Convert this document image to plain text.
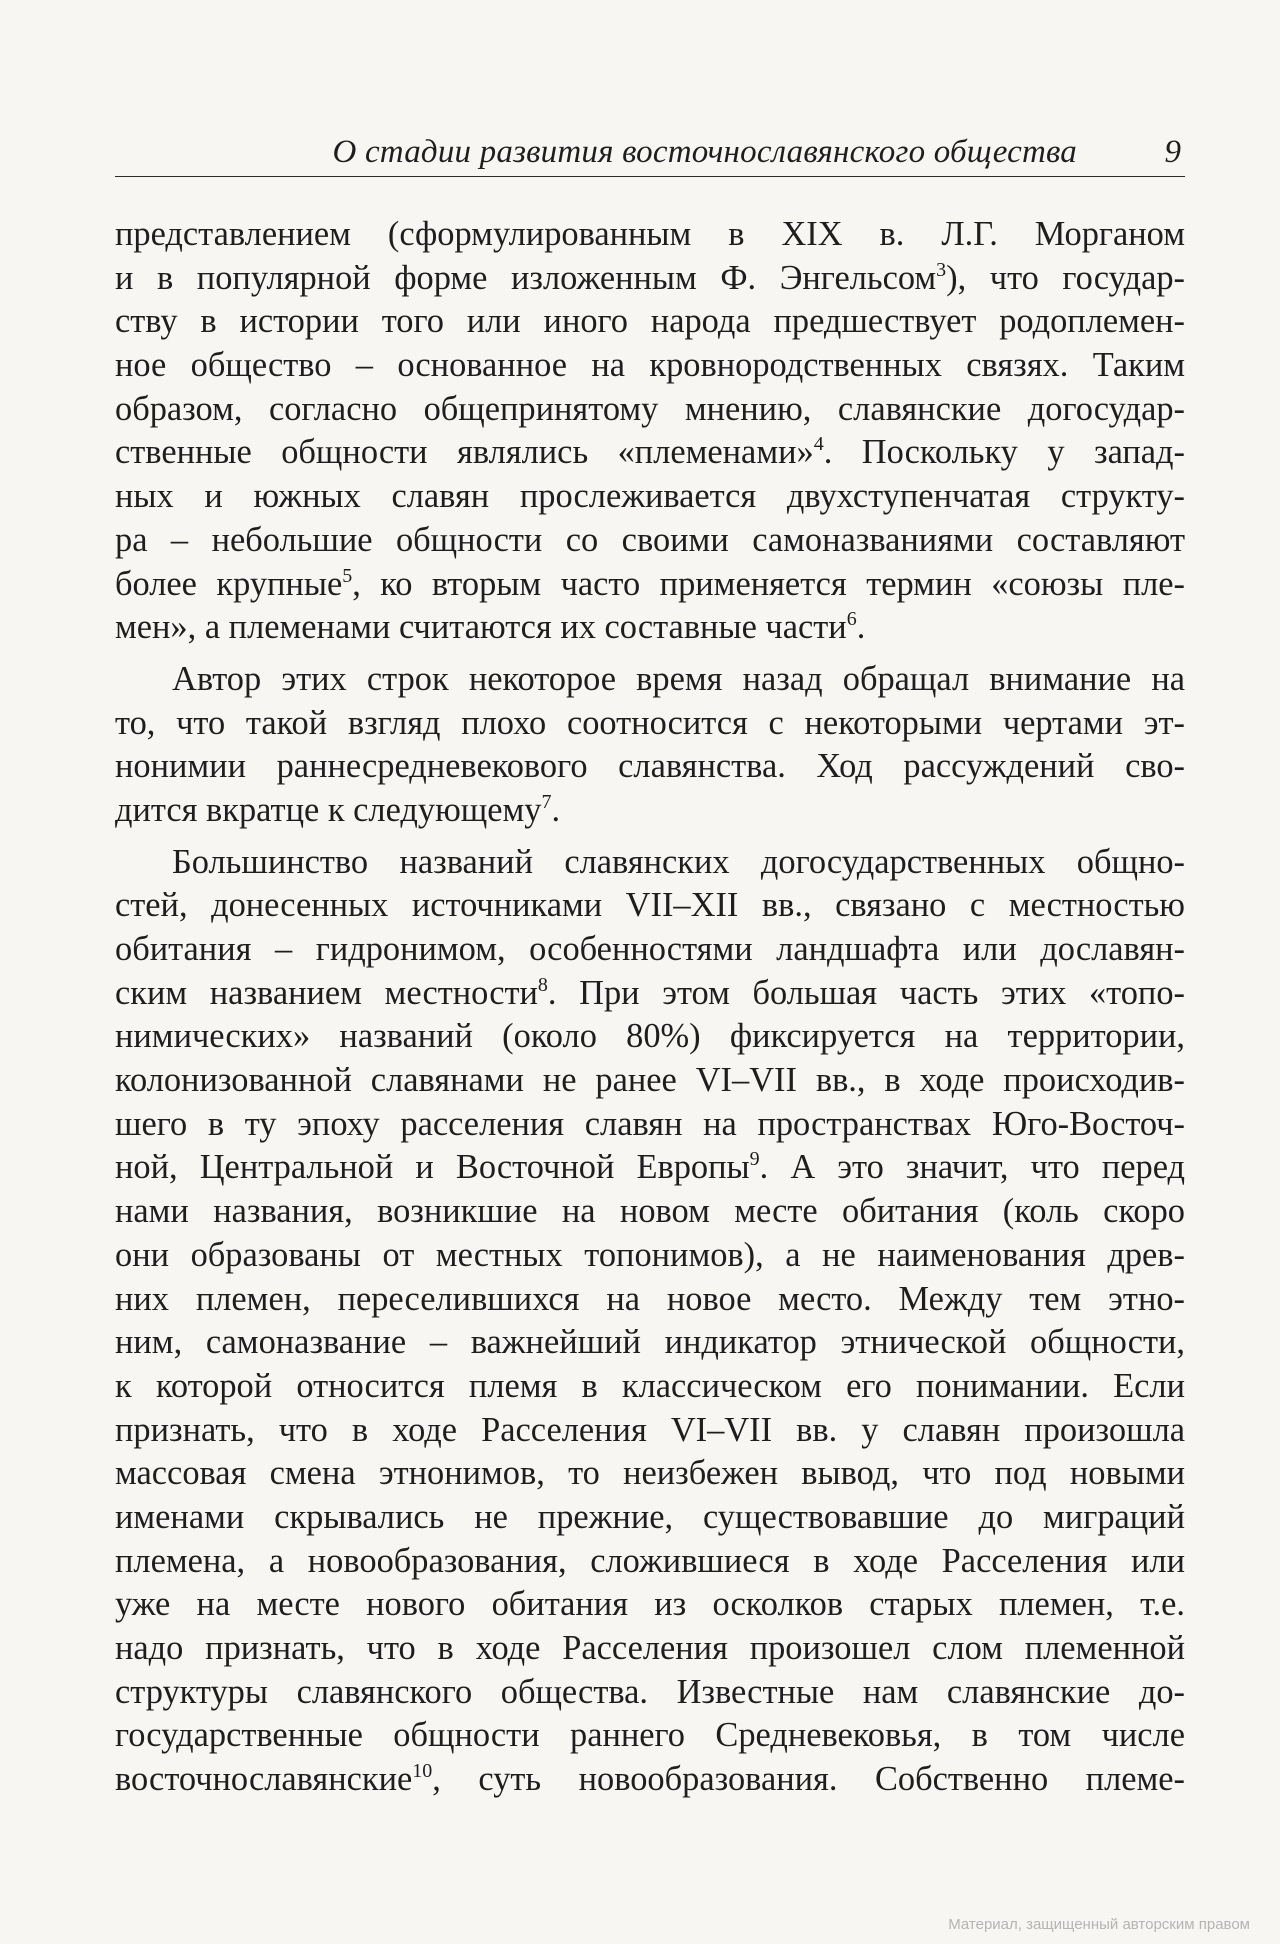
О стадии развития восточнославянского общества	9
представлением (сформулированным в XIX в. Л.Г. Морганом
и в популярной форме изложенным Ф. Энгельсом$^3$), что государ-
ству в истории того или иного народа предшествует родоплемен-
ное общество – основанное на кровнородственных связях. Таким
образом, согласно общепринятому мнению, славянские догосудар-
ственные общности являлись «племенами»$^4$. Поскольку у запад-
ных и южных славян прослеживается двухступенчатая структу-
ра – небольшие общности со своими самоназваниями составляют
более крупные$^5$, ко вторым часто применяется термин «союзы пле-
мен», а племенами считаются их составные части$^6$.
Автор этих строк некоторое время назад обращал внимание на
то, что такой взгляд плохо соотносится с некоторыми чертами эт-
нонимии раннесредневекового славянства. Ход рассуждений сво-
дится вкратце к следующему$^7$.
Большинство названий славянских догосударственных общно-
стей, донесенных источниками VII–XII вв., связано с местностью
обитания – гидронимом, особенностями ландшафта или дославян-
ским названием местности$^8$. При этом большая часть этих «топо-
нимических» названий (около 80%) фиксируется на территории,
колонизованной славянами не ранее VI–VII вв., в ходе происходив-
шего в ту эпоху расселения славян на пространствах Юго-Восточ-
ной, Центральной и Восточной Европы$^9$. А это значит, что перед
нами названия, возникшие на новом месте обитания (коль скоро
они образованы от местных топонимов), а не наименования древ-
них племен, переселившихся на новое место. Между тем этно-
ним, самоназвание – важнейший индикатор этнической общности,
к которой относится племя в классическом его понимании. Если
признать, что в ходе Расселения VI–VII вв. у славян произошла
массовая смена этнонимов, то неизбежен вывод, что под новыми
именами скрывались не прежние, существовавшие до миграций
племена, а новообразования, сложившиеся в ходе Расселения или
уже на месте нового обитания из осколков старых племен, т.е.
надо признать, что в ходе Расселения произошел слом племенной
структуры славянского общества. Известные нам славянские до-
государственные общности раннего Средневековья, в том числе
восточнославянские$^{10}$, суть новообразования. Собственно племе-
Материал, защищенный авторским правом
